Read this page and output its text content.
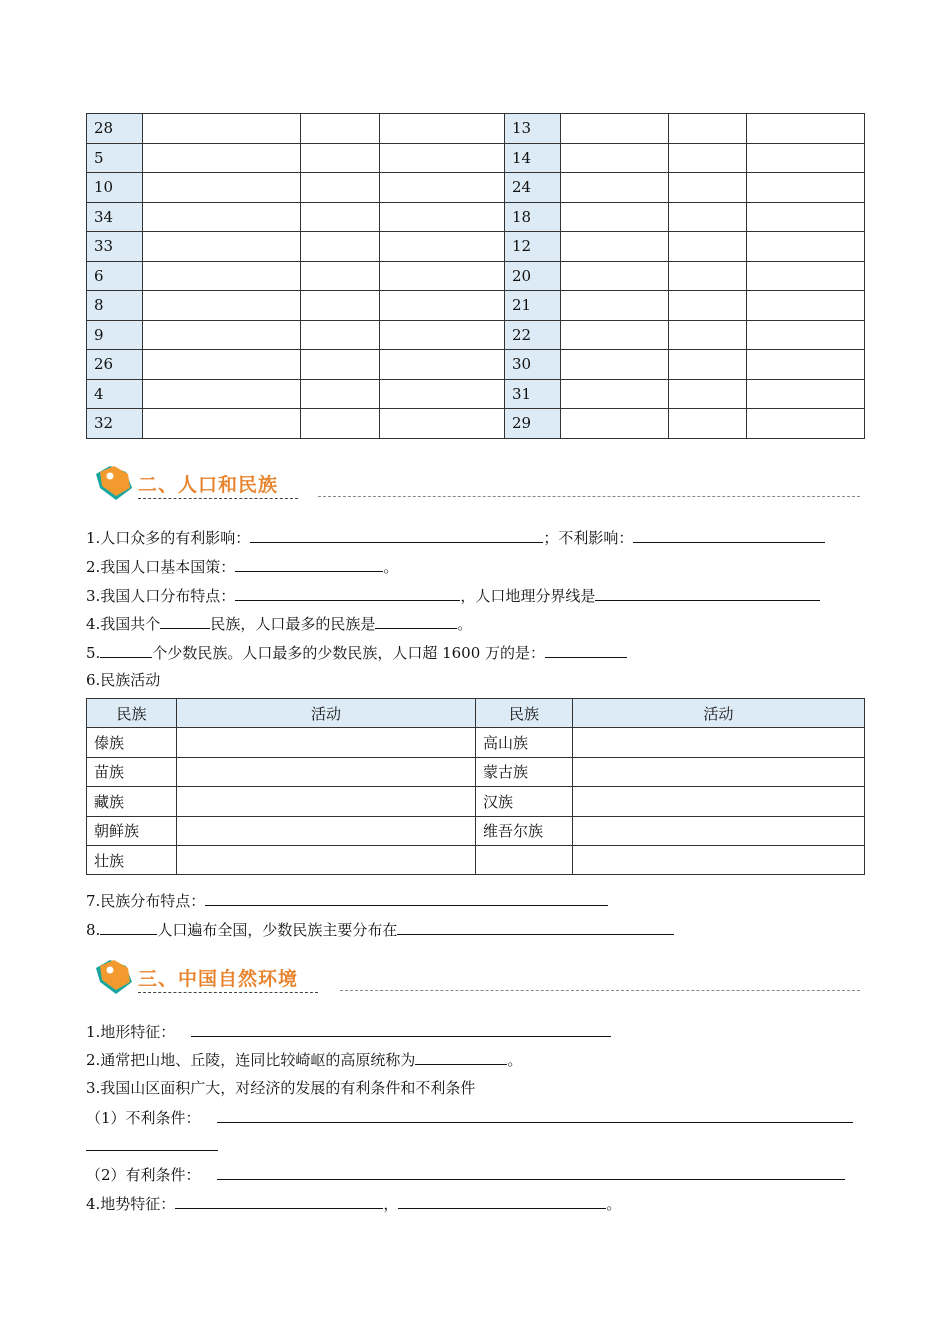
28				13			
5				14			
10				24			
34				18			
33				12			
6				20			
8				21			
9				22			
26				30			
4				31			
32				29			
二、人口和民族
1.人口众多的有利影响：	；不利影响：
2.我国人口基本国策：	。
3.我国人口分布特点：	，人口地理分界线是
4.我国共个	民族，人口最多的民族是	。
5.	个少数民族。人口最多的少数民族，人口超 1600 万的是：
6.民族活动
民族	活动	民族	活动
傣族		高山族	
苗族		蒙古族	
藏族		汉族	
朝鲜族		维吾尔族	
壮族			
7.民族分布特点：
8.	人口遍布全国，少数民族主要分布在
三、中国自然环境
1.地形特征：
2.通常把山地、丘陵，连同比较崎岖的高原统称为	。
3.我国山区面积广大，对经济的发展的有利条件和不利条件
（1）不利条件：
（2）有利条件：
4.地势特征：	，	。
